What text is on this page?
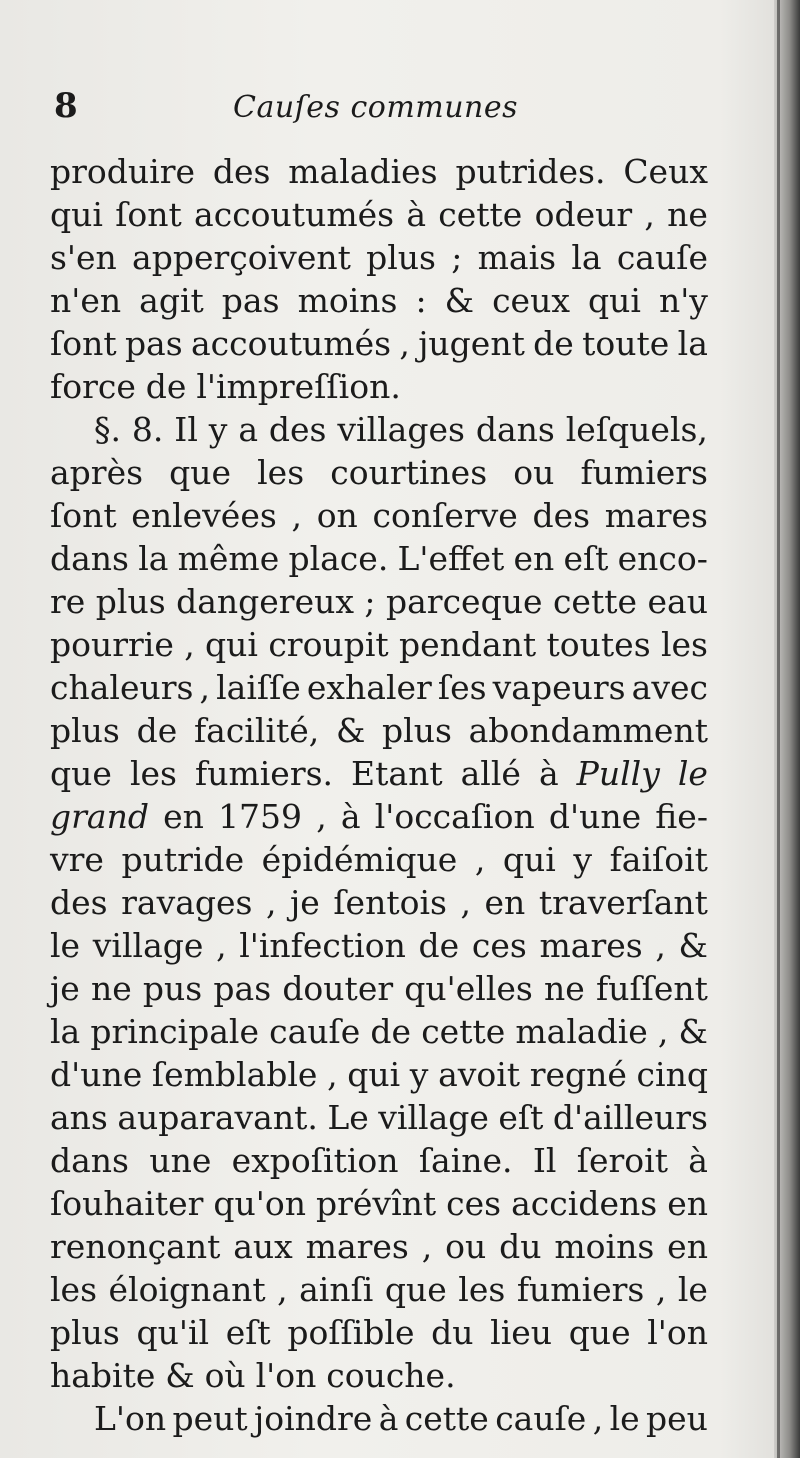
8	Cauſes communes
produire des maladies putrides. Ceux
qui ſont accoutumés à cette odeur , ne
s'en apperçoivent plus ; mais la cauſe
n'en agit pas moins : & ceux qui n'y
ſont pas accoutumés , jugent de toute la
force de l'impreſſion.
§. 8. Il y a des villages dans leſquels,
après que les courtines ou fumiers
ſont enlevées , on conſerve des mares
dans la même place. L'effet en eſt enco-
re plus dangereux ; parceque cette eau
pourrie , qui croupit pendant toutes les
chaleurs , laiſſe exhaler ſes vapeurs avec
plus de facilité, & plus abondamment
que les fumiers. Etant allé à Pully le
grand en 1759 , à l'occaſion d'une fie-
vre putride épidémique , qui y faiſoit
des ravages , je ſentois , en traverſant
le village , l'infection de ces mares , &
je ne pus pas douter qu'elles ne fuſſent
la principale cauſe de cette maladie , &
d'une ſemblable , qui y avoit regné cinq
ans auparavant. Le village eſt d'ailleurs
dans une expoſition ſaine. Il ſeroit à
ſouhaiter qu'on prévînt ces accidens en
renonçant aux mares , ou du moins en
les éloignant , ainſi que les fumiers , le
plus qu'il eſt poſſible du lieu que l'on
habite & où l'on couche.
L'on peut joindre à cette cauſe , le peu
